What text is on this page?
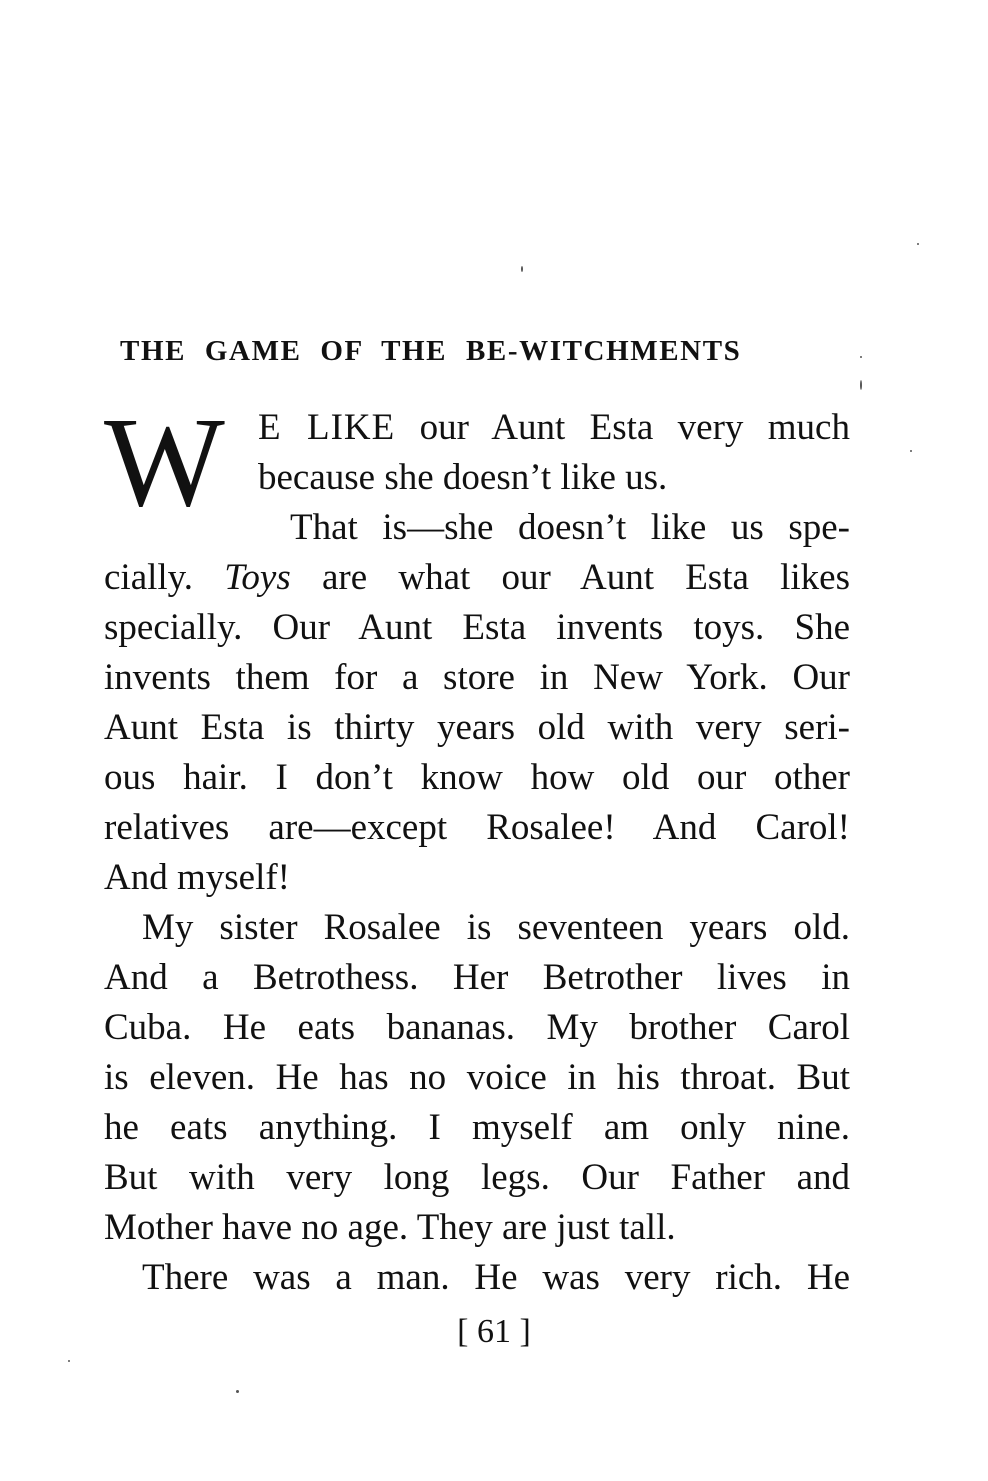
THE GAME OF THE BE-WITCHMENTS
W	E LIKE our Aunt Esta very much
because she doesn’t like us.
That is—she doesn’t like us spe-
cially. Toys are what our Aunt Esta likes
specially. Our Aunt Esta invents toys. She
invents them for a store in New York. Our
Aunt Esta is thirty years old with very seri-
ous hair. I don’t know how old our other
relatives are—except Rosalee! And Carol!
And myself!
My sister Rosalee is seventeen years old.
And a Betrothess. Her Betrother lives in
Cuba. He eats bananas. My brother Carol
is eleven. He has no voice in his throat. But
he eats anything. I myself am only nine.
But with very long legs. Our Father and
Mother have no age. They are just tall.
There was a man. He was very rich. He
[ 61 ]
